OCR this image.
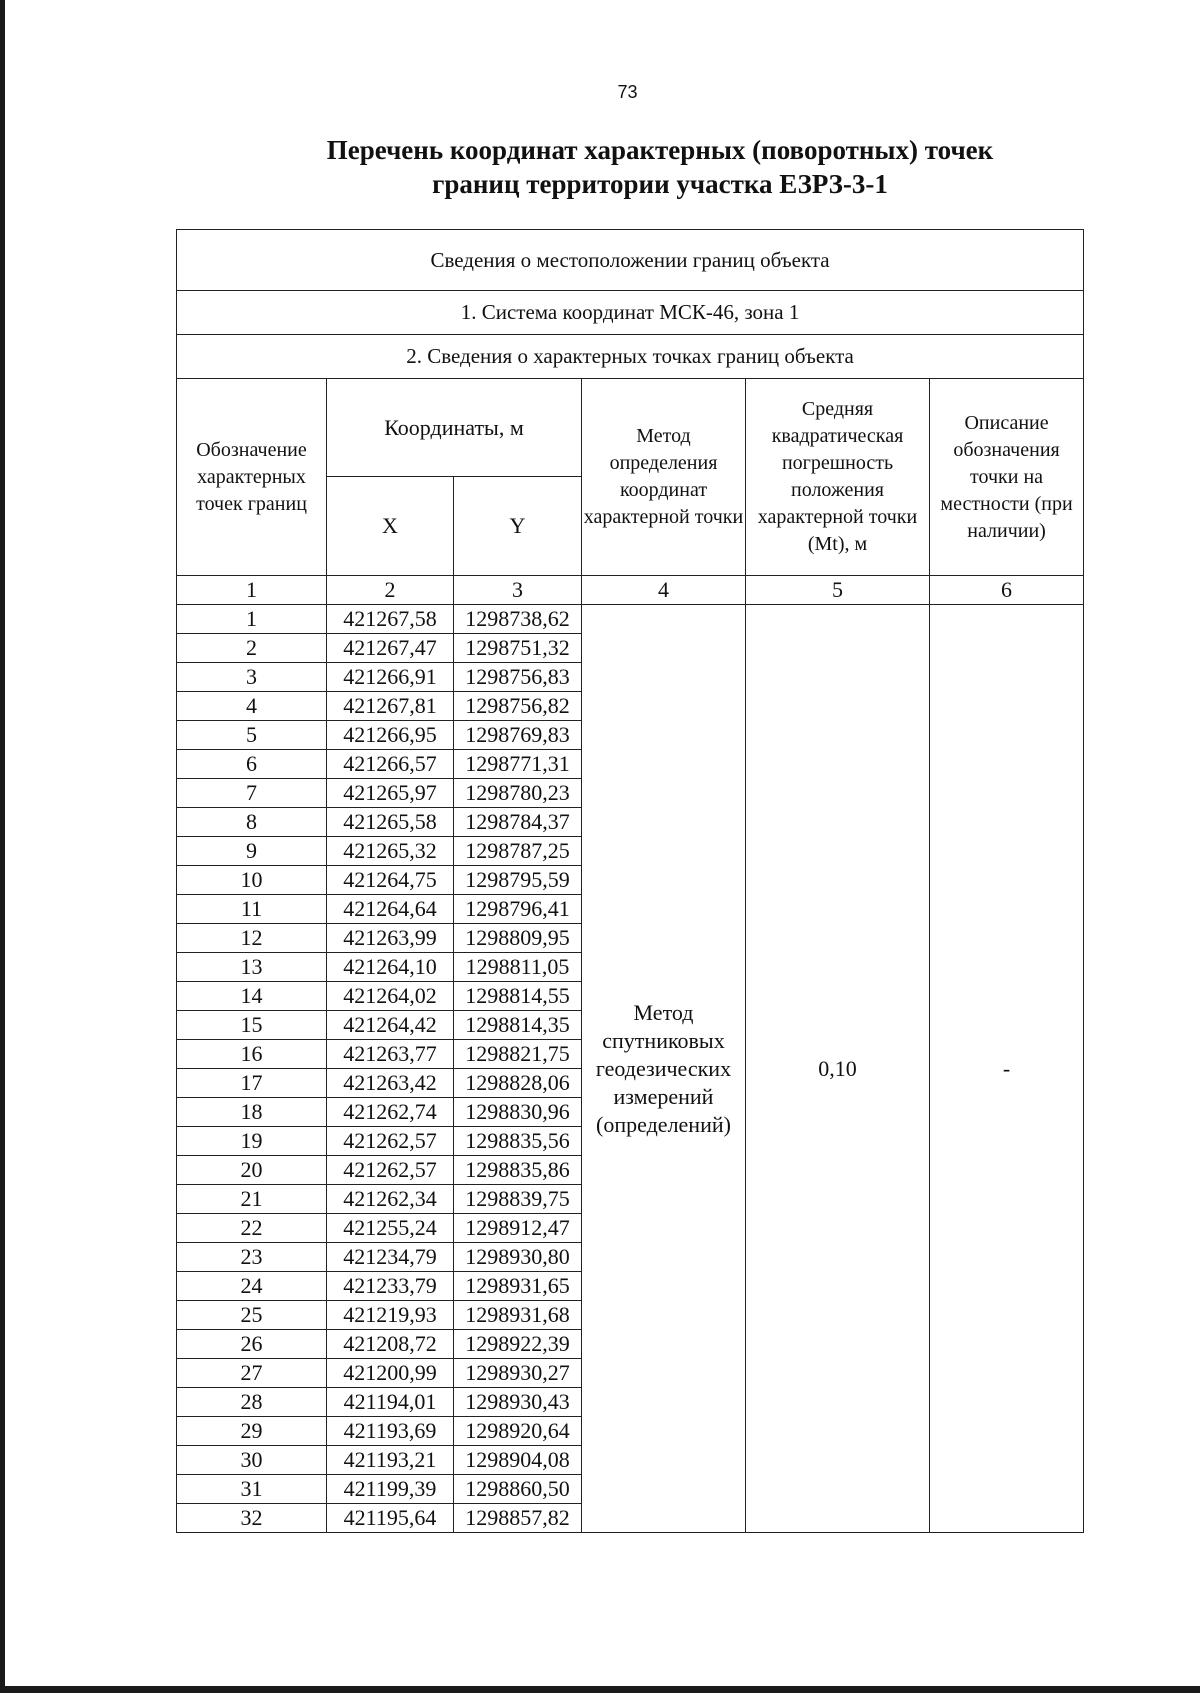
73
Перечень координат характерных (поворотных) точек
границ территории участка ЕЗРЗ-3-1
Сведения о местоположении границ объекта					
1. Система координат МСК-46, зона 1					
2. Сведения о характерных точках границ объекта					
Обозначение характерных точек границ	Координаты, м		Метод определения координат характерной точки	Средняя квадратическая погрешность положения характерной точки (Mt), м	Описание обозначения точки на местности (при наличии)
	X	Y			
1	2	3	4	5	6
1	421267,58	1298738,62	Метод спутниковых геодезических измерений (определений)	0,10	-
2	421267,47	1298751,32			
3	421266,91	1298756,83			
4	421267,81	1298756,82			
5	421266,95	1298769,83			
6	421266,57	1298771,31			
7	421265,97	1298780,23			
8	421265,58	1298784,37			
9	421265,32	1298787,25			
10	421264,75	1298795,59			
11	421264,64	1298796,41			
12	421263,99	1298809,95			
13	421264,10	1298811,05			
14	421264,02	1298814,55			
15	421264,42	1298814,35			
16	421263,77	1298821,75			
17	421263,42	1298828,06			
18	421262,74	1298830,96			
19	421262,57	1298835,56			
20	421262,57	1298835,86			
21	421262,34	1298839,75			
22	421255,24	1298912,47			
23	421234,79	1298930,80			
24	421233,79	1298931,65			
25	421219,93	1298931,68			
26	421208,72	1298922,39			
27	421200,99	1298930,27			
28	421194,01	1298930,43			
29	421193,69	1298920,64			
30	421193,21	1298904,08			
31	421199,39	1298860,50			
32	421195,64	1298857,82			
